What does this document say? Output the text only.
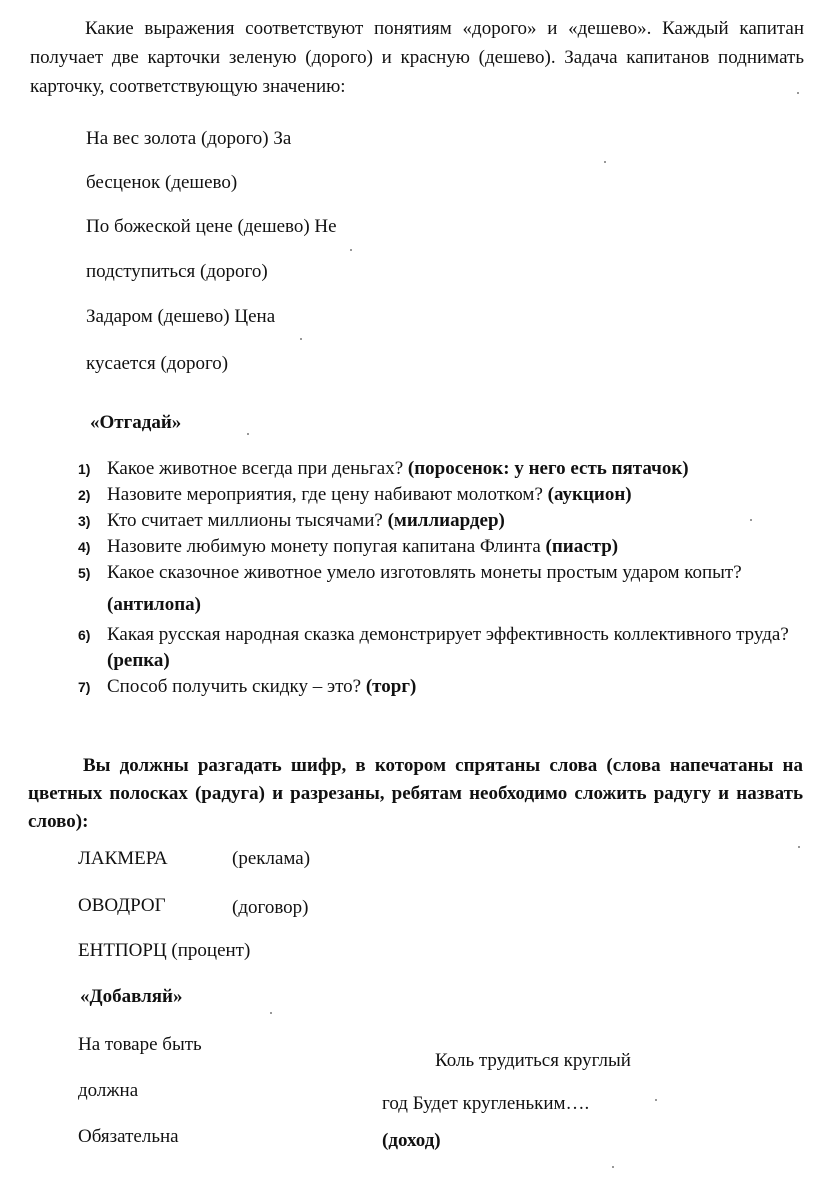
Какие выражения соответствуют понятиям «дорого» и «дешево». Каждый капитан получает две карточки зеленую (дорого) и красную (дешево). Задача капитанов поднимать карточку, соответствующую значению:
На вес золота (дорого) За
бесценок (дешево)
По божеской цене (дешево) Не
подступиться (дорого)
Задаром (дешево) Цена
кусается (дорого)
«Отгадай»
1) Какое животное всегда при деньгах? (поросенок: у него есть пятачок)
2) Назовите мероприятия, где цену набивают молотком? (аукцион)
3) Кто считает миллионы тысячами? (миллиардер)
4) Назовите любимую монету попугая капитана Флинта (пиастр)
5) Какое сказочное животное умело изготовлять монеты простым ударом копыт?
(антилопа)
6) Какая русская народная сказка демонстрирует эффективность коллективного труда? (репка)
7) Способ получить скидку – это? (торг)
Вы должны разгадать шифр, в котором спрятаны слова (слова напечатаны на цветных полосках (радуга) и разрезаны, ребятам необходимо сложить радугу и назвать слово):
ЛАКМЕРА	(реклама)
ОВОДРОГ	(договор)
ЕНТПОРЦ (процент)
«Добавляй»
На товаре быть
должна
Обязательна
Коль трудиться круглый
год Будет кругленьким….
(доход)
